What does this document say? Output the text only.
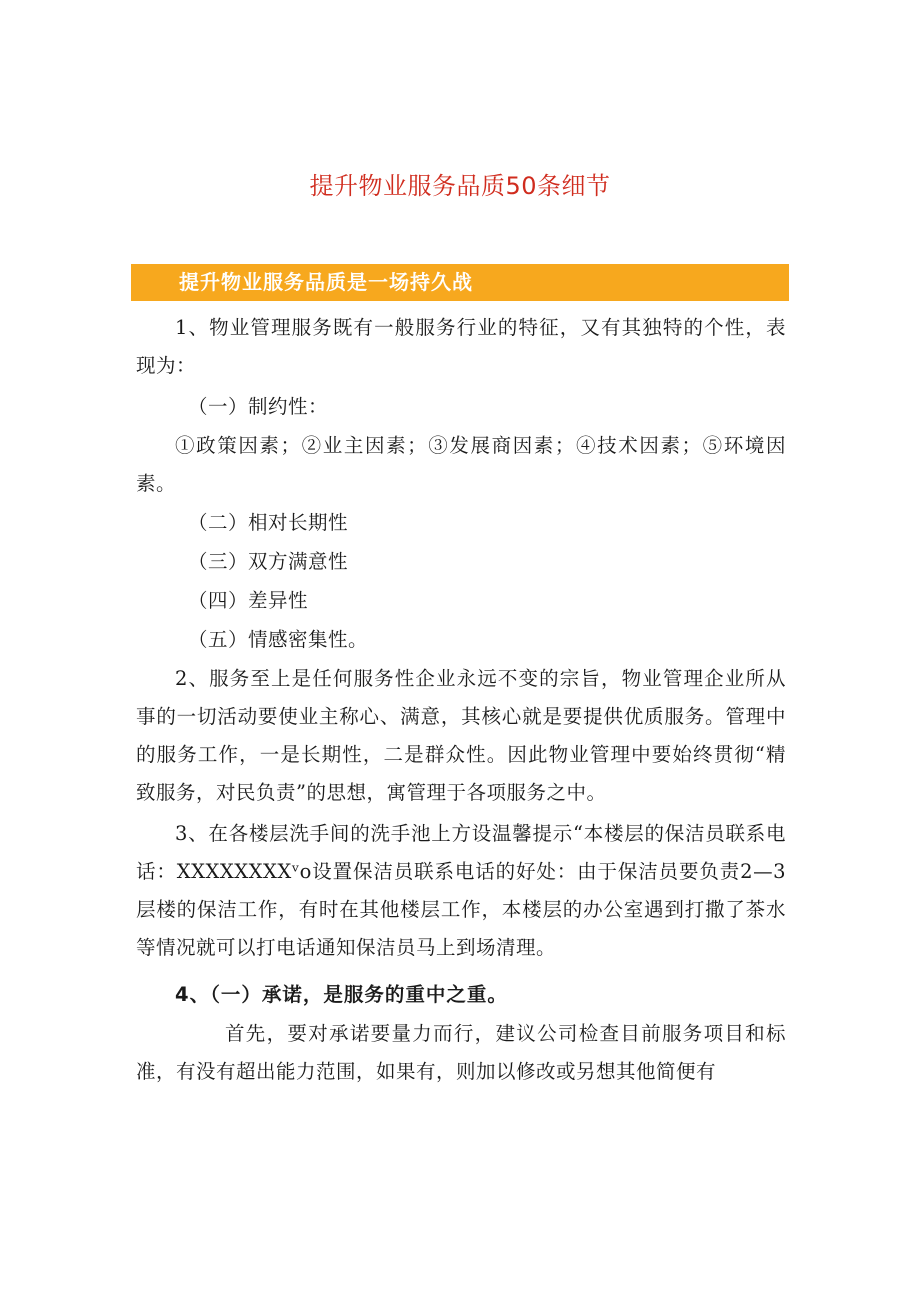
提升物业服务品质50条细节
提升物业服务品质是一场持久战

1、物业管理服务既有一般服务行业的特征，又有其独特的个性，表现为：

（一）制约性：

①政策因素；②业主因素；③发展商因素；④技术因素；⑤环境因素。

（二）相对长期性

（三）双方满意性

（四）差异性

（五）情感密集性。

2、服务至上是任何服务性企业永远不变的宗旨，物业管理企业所从事的一切活动要使业主称心、满意，其核心就是要提供优质服务。管理中的服务工作，一是长期性，二是群众性。因此物业管理中要始终贯彻“精致服务，对民负责”的思想，寓管理于各项服务之中。

3、在各楼层洗手间的洗手池上方设温馨提示“本楼层的保洁员联系电话：XXXXXXXXᵛo设置保洁员联系电话的好处：由于保洁员要负责2—3层楼的保洁工作，有时在其他楼层工作，本楼层的办公室遇到打撒了茶水等情况就可以打电话通知保洁员马上到场清理。

4、（一）承诺，是服务的重中之重。

首先，要对承诺要量力而行，建议公司检查目前服务项目和标准，有没有超出能力范围，如果有，则加以修改或另想其他简便有
